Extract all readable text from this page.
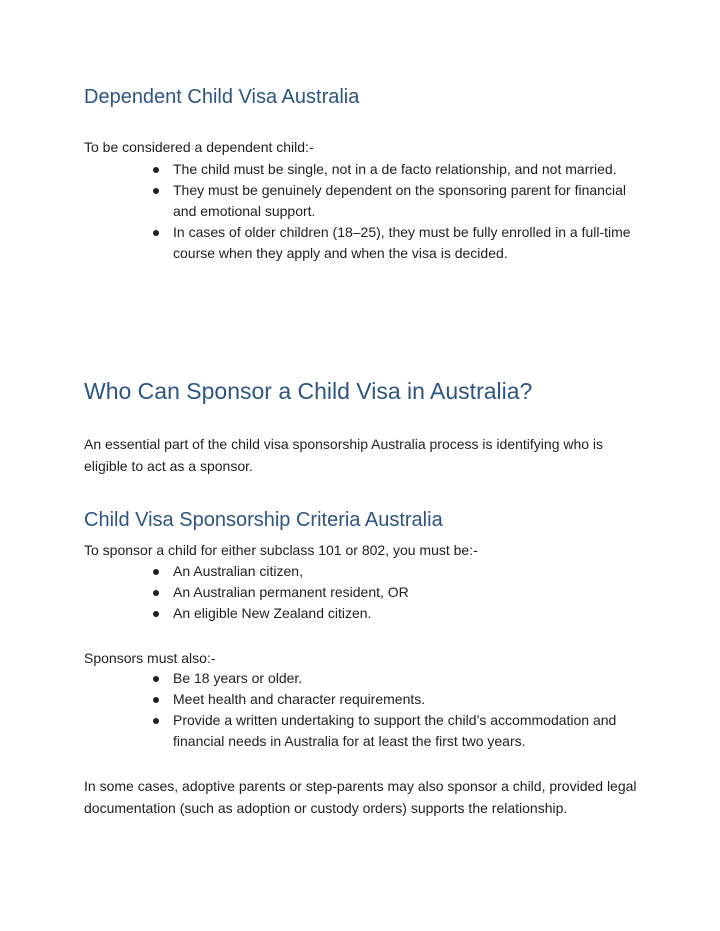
Dependent Child Visa Australia

To be considered a dependent child:-

The child must be single, not in a de facto relationship, and not married.
They must be genuinely dependent on the sponsoring parent for financial and emotional support.
In cases of older children (18–25), they must be fully enrolled in a full-time course when they apply and when the visa is decided.
Who Can Sponsor a Child Visa in Australia?

An essential part of the child visa sponsorship Australia process is identifying who is eligible to act as a sponsor.

Child Visa Sponsorship Criteria Australia

To sponsor a child for either subclass 101 or 802, you must be:-

An Australian citizen,
An Australian permanent resident, OR
An eligible New Zealand citizen.

Sponsors must also:-

Be 18 years or older.
Meet health and character requirements.
Provide a written undertaking to support the child’s accommodation and financial needs in Australia for at least the first two years.

In some cases, adoptive parents or step-parents may also sponsor a child, provided legal documentation (such as adoption or custody orders) supports the relationship.
